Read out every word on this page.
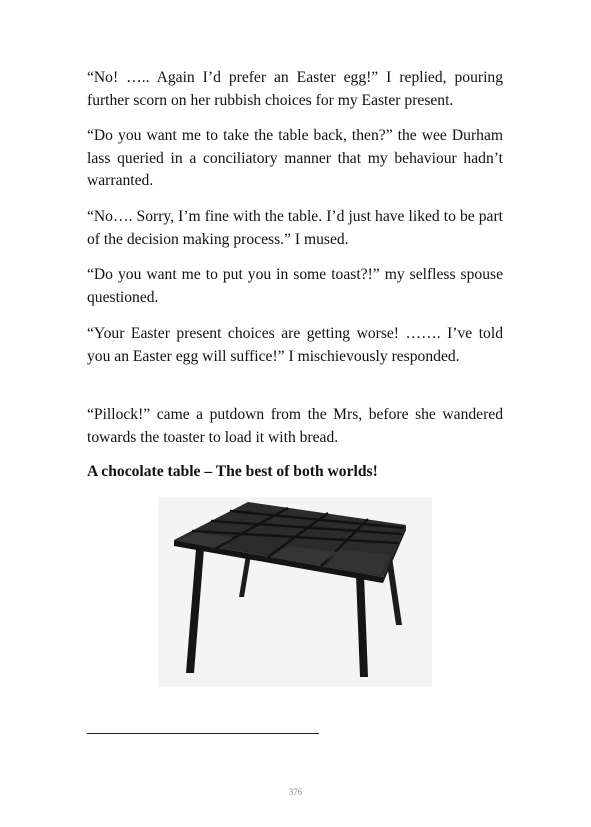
“No! ….. Again I’d prefer an Easter egg!” I replied, pouring further scorn on her rubbish choices for my Easter present.

“Do you want me to take the table back, then?” the wee Durham lass queried in a conciliatory manner that my behaviour hadn’t warranted.

“No…. Sorry, I’m fine with the table. I’d just have liked to be part of the decision making process.” I mused.

“Do you want me to put you in some toast?!” my selfless spouse questioned.

“Your Easter present choices are getting worse! ……. I’ve told you an Easter egg will suffice!” I mischievously responded.

“Pillock!” came a putdown from the Mrs, before she wandered towards the toaster to load it with bread.

A chocolate table – The best of both worlds!

376
